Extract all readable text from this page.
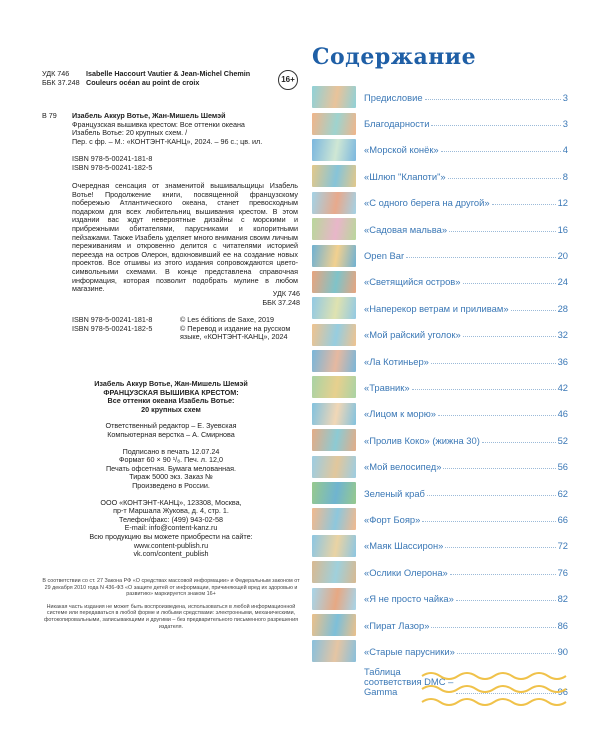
УДК 746	Isabelle Haccourt Vautier & Jean-Michel Chemin
ББК 37.248 Couleurs océan au point de croix	16+
В 79 Изабель Аккур Вотье, Жан-Мишель Шемэй
Французская вышивка крестом: Все оттенки океана
Изабель Вотье: 20 крупных схем. /
Пер. с фр. – М.: «КОНТЭНТ-КАНЦ», 2024. – 96 с.; цв. ил.
ISBN 978-5-00241-181-8
ISBN 978-5-00241-182-5
Очередная сенсация от знаменитой вышивальщицы Изабель Вотье! Продолжение книги, посвященной французскому побережью Атлантического океана, станет превосходным подарком для всех любительниц вышивания крестом. В этом издании вас ждут невероятные дизайны с морскими и прибрежными обитателями, парусниками и колоритными пейзажами. Также Изабель уделяет много внимания своим личным переживаниям и откровенно делится с читателями историей переезда на остров Олерон, вдохновивший ее на создание новых проектов. Все отшивы из этого издания сопровождаются цвето-символьными схемами. В конце представлена справочная информация, которая позволит подобрать мулине в любом магазине.
УДК 746
ББК 37.248
ISBN 978-5-00241-181-8
ISBN 978-5-00241-182-5
© Les éditions de Saxe, 2019
© Перевод и издание на русском языке, «КОНТЭНТ-КАНЦ», 2024
Изабель Аккур Вотье, Жан-Мишель Шемэй
ФРАНЦУЗСКАЯ ВЫШИВКА КРЕСТОМ:
Все оттенки океана Изабель Вотье:
20 крупных схем
Ответственный редактор – Е. Зуевская
Компьютерная верстка – А. Смирнова
Подписано в печать 12.07.24
Формат 60 × 90 ¹/₈. Печ. л. 12,0
Печать офсетная. Бумага мелованная.
Тираж 5000 экз. Заказ №
Произведено в России.
ООО «КОНТЭНТ-КАНЦ», 123308, Москва,
пр-т Маршала Жукова, д. 4, стр. 1.
Телефон/факс: (499) 943-02-58
E-mail: info@content-kanz.ru
Всю продукцию вы можете приобрести на сайте:
www.content-publish.ru
vk.com/content_publish

В соответствии со ст. 27 Закона РФ «О средствах массовой информации» и Федеральным законом от 29 декабря 2010 года N 436-ФЗ «О защите детей от информации, причиняющей вред их здоровью и развитию» маркируется знаком 16+

Никакая часть издания не может быть воспроизведена, использоваться в любой информационной системе или передаваться в любой форме и любыми средствами: электронными, механическими, фотокопировальными, записывающими и другими – без предварительного письменного разрешения издателя.

Содержание
Предисловие	3
Благодарности	3
«Морской конёк»	4
«Шлюп "Клапоти"»	8
«С одного берега на другой»	12
«Садовая мальва»	16
Open Bar	20
«Светящийся остров»	24
«Наперекор ветрам и приливам»	28
«Мой райский уголок»	32
«Ла Котиньер»	36
«Травник»	42
«Лицом к морю»	46
«Пролив Коко» (жижна 30)	52
«Мой велосипед»	56
Зеленый краб	62
«Форт Бояр»	66
«Маяк Шассирон»	72
«Ослики Олерона»	76
«Я не просто чайка»	82
«Пират Лазор»	86
«Старые парусники»	90
Таблица соответствия DMC – Gamma	96
